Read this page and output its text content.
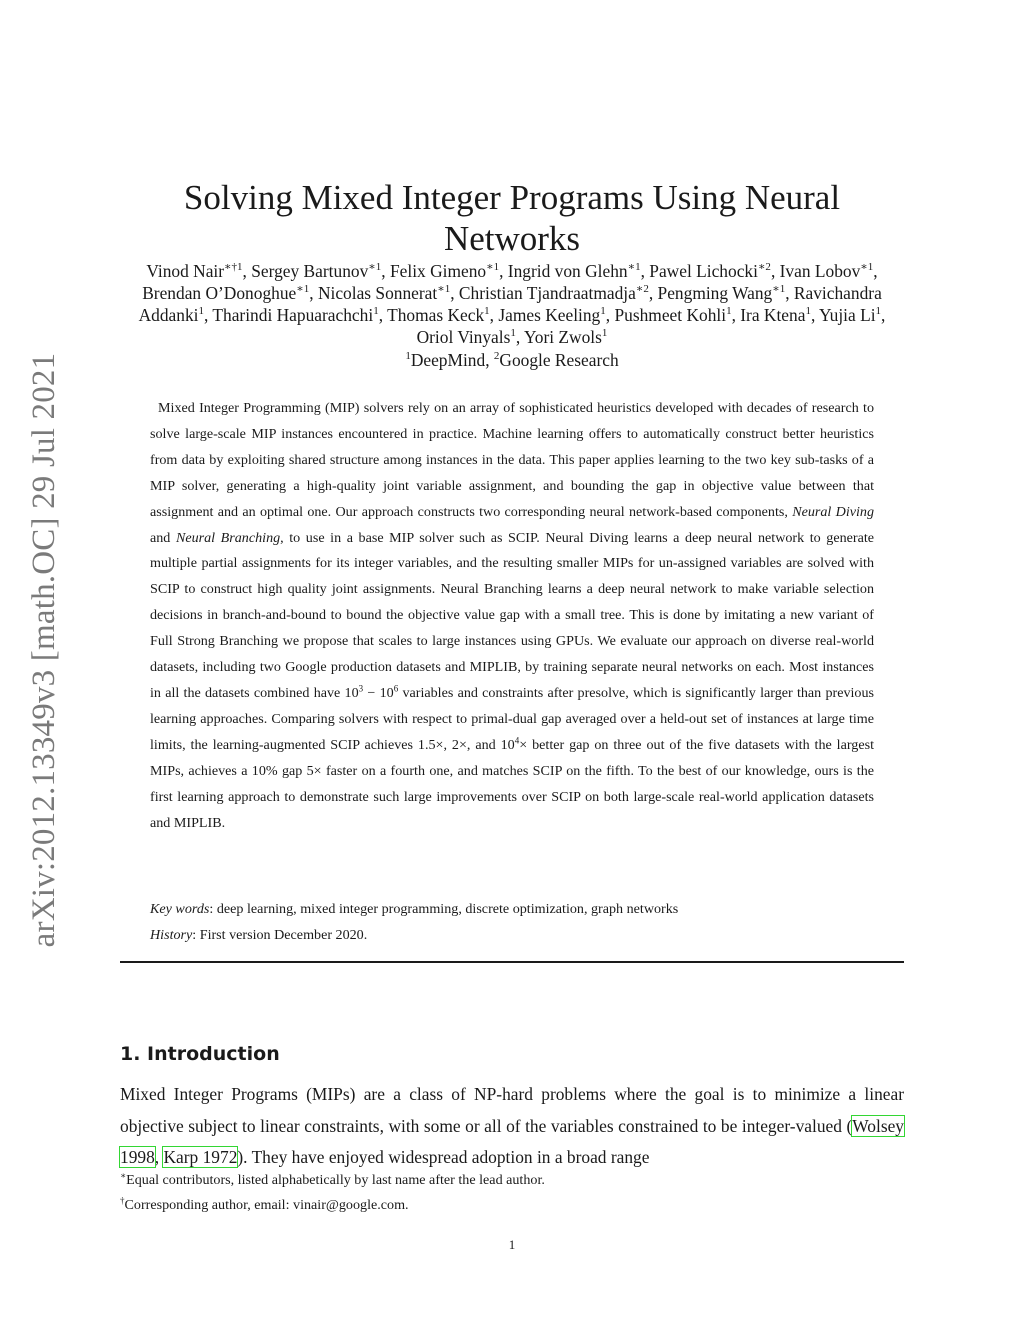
arXiv:2012.13349v3 [math.OC] 29 Jul 2021
Solving Mixed Integer Programs Using Neural Networks
Vinod Nair$^{∗\dagger 1}$, Sergey Bartunov$^{∗1}$, Felix Gimeno$^{∗1}$, Ingrid von Glehn$^{∗1}$, Pawel Lichocki$^{∗2}$, Ivan Lobov$^{∗1}$, Brendan O’Donoghue$^{∗1}$, Nicolas Sonnerat$^{∗1}$, Christian Tjandraatmadja$^{∗2}$, Pengming Wang$^{∗1}$, Ravichandra Addanki$^1$, Tharindi Hapuarachchi$^1$, Thomas Keck$^1$, James Keeling$^1$, Pushmeet Kohli$^1$, Ira Ktena$^1$, Yujia Li$^1$, Oriol Vinyals$^1$, Yori Zwols$^1$
$^1$DeepMind, $^2$Google Research
Mixed Integer Programming (MIP) solvers rely on an array of sophisticated heuristics developed with decades of research to solve large-scale MIP instances encountered in practice. Machine learning offers to automatically construct better heuristics from data by exploiting shared structure among instances in the data. This paper applies learning to the two key sub-tasks of a MIP solver, generating a high-quality joint variable assignment, and bounding the gap in objective value between that assignment and an optimal one. Our approach constructs two corresponding neural network-based components, Neural Diving and Neural Branching, to use in a base MIP solver such as SCIP. Neural Diving learns a deep neural network to generate multiple partial assignments for its integer variables, and the resulting smaller MIPs for un-assigned variables are solved with SCIP to construct high quality joint assignments. Neural Branching learns a deep neural network to make variable selection decisions in branch-and-bound to bound the objective value gap with a small tree. This is done by imitating a new variant of Full Strong Branching we propose that scales to large instances using GPUs. We evaluate our approach on diverse real-world datasets, including two Google production datasets and MIPLIB, by training separate neural networks on each. Most instances in all the datasets combined have $10^3 - 10^6$ variables and constraints after presolve, which is significantly larger than previous learning approaches. Comparing solvers with respect to primal-dual gap averaged over a held-out set of instances at large time limits, the learning-augmented SCIP achieves 1.5×, 2×, and $10^4\times$ better gap on three out of the five datasets with the largest MIPs, achieves a 10% gap 5× faster on a fourth one, and matches SCIP on the fifth. To the best of our knowledge, ours is the first learning approach to demonstrate such large improvements over SCIP on both large-scale real-world application datasets and MIPLIB.
Key words: deep learning, mixed integer programming, discrete optimization, graph networks
History: First version December 2020.
1. Introduction

Mixed Integer Programs (MIPs) are a class of NP-hard problems where the goal is to minimize a linear objective subject to linear constraints, with some or all of the variables constrained to be integer-valued (Wolsey 1998, Karp 1972). They have enjoyed widespread adoption in a broad range

∗Equal contributors, listed alphabetically by last name after the lead author.
†Corresponding author, email: vinair@google.com.
1
